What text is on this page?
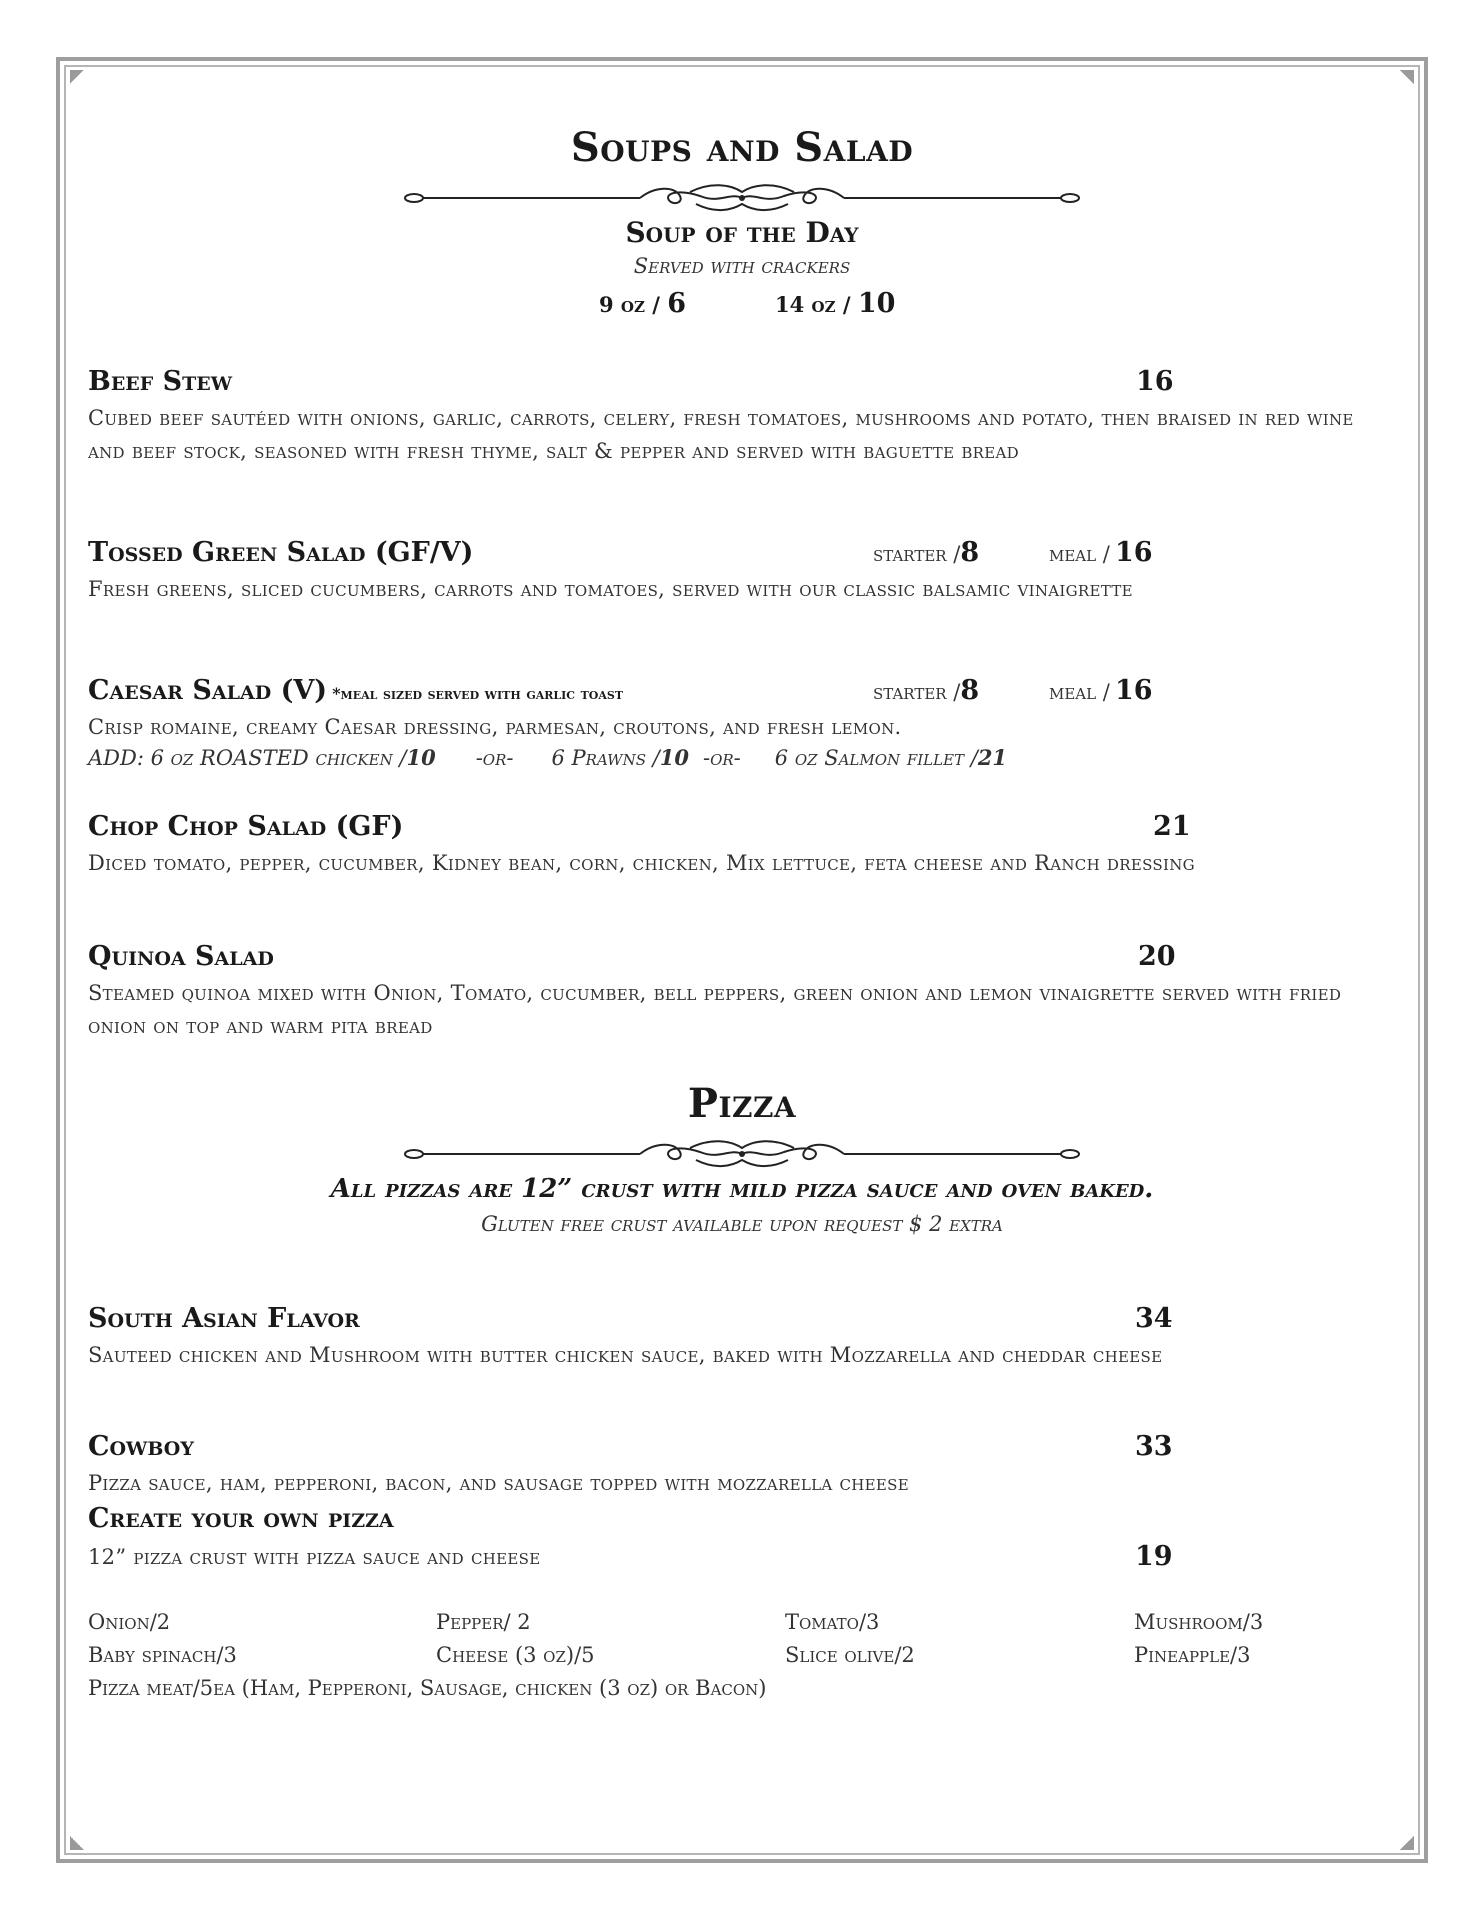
Soups and Salad
Soup of the Day
Served with crackers
9 oz / 6	14 oz / 10
Beef Stew	16
Cubed beef sautéed with onions, garlic, carrots, celery, fresh tomatoes, mushrooms and potato, then braised in red wine and beef stock, seasoned with fresh thyme, salt & pepper and served with baguette bread
Tossed Green Salad (GF/V)	starter /8	meal / 16
Fresh greens, sliced cucumbers, carrots and tomatoes, served with our classic balsamic vinaigrette
Caesar Salad (V) *meal sized served with garlic toast	starter /8	meal / 16
Crisp romaine, creamy Caesar dressing, parmesan, croutons, and fresh lemon.
ADD: 6 oz ROASTED chicken /10 -or- 6 Prawns /10 -or- 6 oz Salmon fillet /21
Chop Chop Salad (GF)	21
Diced tomato, pepper, cucumber, Kidney bean, corn, chicken, Mix lettuce, feta cheese and Ranch dressing
Quinoa Salad	20
Steamed quinoa mixed with Onion, Tomato, cucumber, bell peppers, green onion and lemon vinaigrette served with fried onion on top and warm pita bread
Pizza
All pizzas are 12” crust with mild pizza sauce and oven baked.
Gluten free crust available upon request $ 2 extra
South Asian Flavor	34
Sauteed chicken and Mushroom with butter chicken sauce, baked with Mozzarella and cheddar cheese
Cowboy	33
Pizza sauce, ham, pepperoni, bacon, and sausage topped with mozzarella cheese
Create your own pizza
12” pizza crust with pizza sauce and cheese	19
Onion/2	Pepper/ 2	Tomato/3	Mushroom/3
Baby spinach/3	Cheese (3 oz)/5	Slice olive/2	Pineapple/3
Pizza meat/5ea (Ham, Pepperoni, Sausage, chicken (3 oz) or Bacon)
